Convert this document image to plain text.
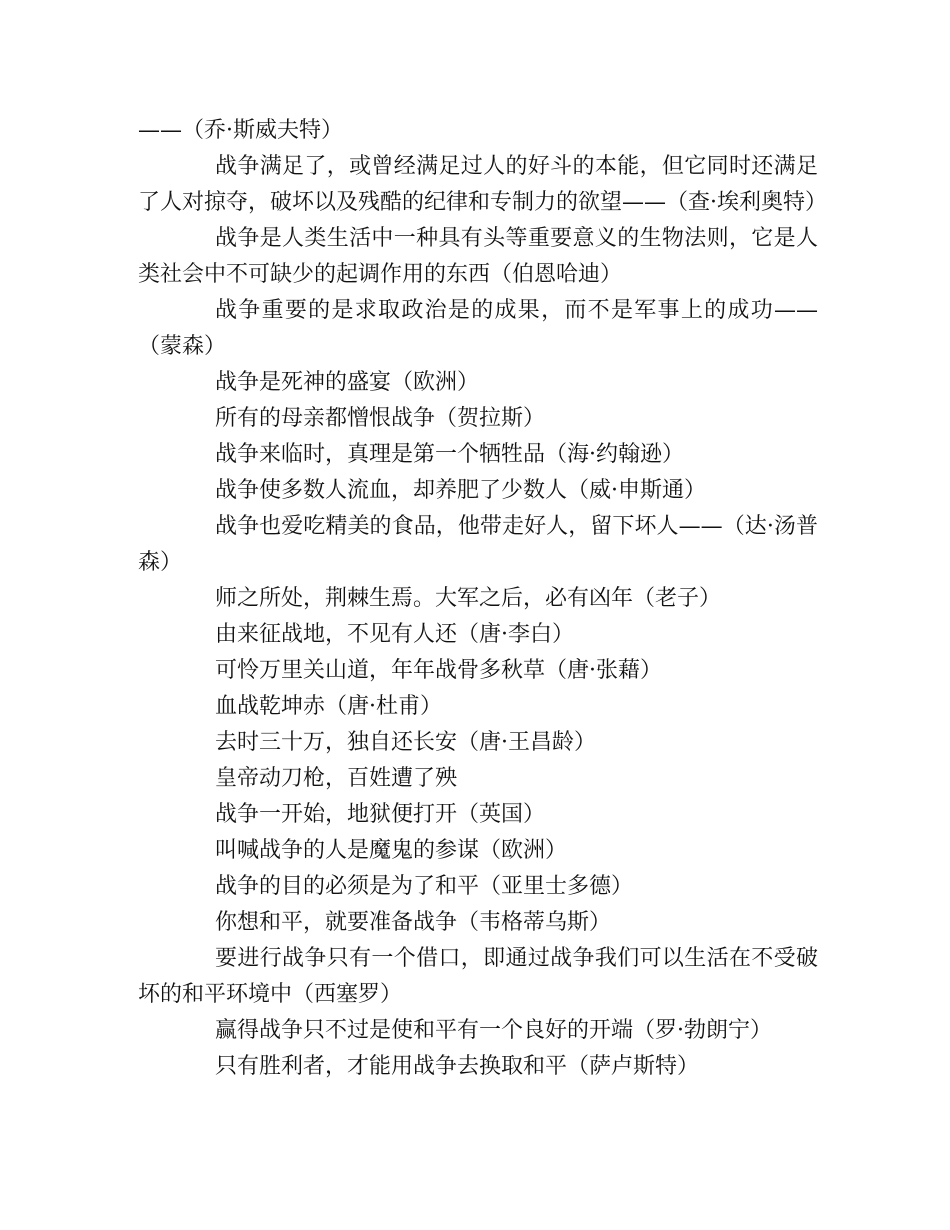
——（乔·斯威夫特）

战争满足了，或曾经满足过人的好斗的本能，但它同时还满足了人对掠夺，破坏以及残酷的纪律和专制力的欲望——（查·埃利奥特）

战争是人类生活中一种具有头等重要意义的生物法则，它是人类社会中不可缺少的起调作用的东西（伯恩哈迪）

战争重要的是求取政治是的成果，而不是军事上的成功——（蒙森）

战争是死神的盛宴（欧洲）

所有的母亲都憎恨战争（贺拉斯）

战争来临时，真理是第一个牺牲品（海·约翰逊）

战争使多数人流血，却养肥了少数人（威·申斯通）

战争也爱吃精美的食品，他带走好人，留下坏人——（达·汤普森）

师之所处，荆棘生焉。大军之后，必有凶年（老子）

由来征战地，不见有人还（唐·李白）

可怜万里关山道，年年战骨多秋草（唐·张藉）

血战乾坤赤（唐·杜甫）

去时三十万，独自还长安（唐·王昌龄）

皇帝动刀枪，百姓遭了殃

战争一开始，地狱便打开（英国）

叫喊战争的人是魔鬼的参谋（欧洲）

战争的目的必须是为了和平（亚里士多德）

你想和平，就要准备战争（韦格蒂乌斯）

要进行战争只有一个借口，即通过战争我们可以生活在不受破坏的和平环境中（西塞罗）

赢得战争只不过是使和平有一个良好的开端（罗·勃朗宁）

只有胜利者，才能用战争去换取和平（萨卢斯特）
